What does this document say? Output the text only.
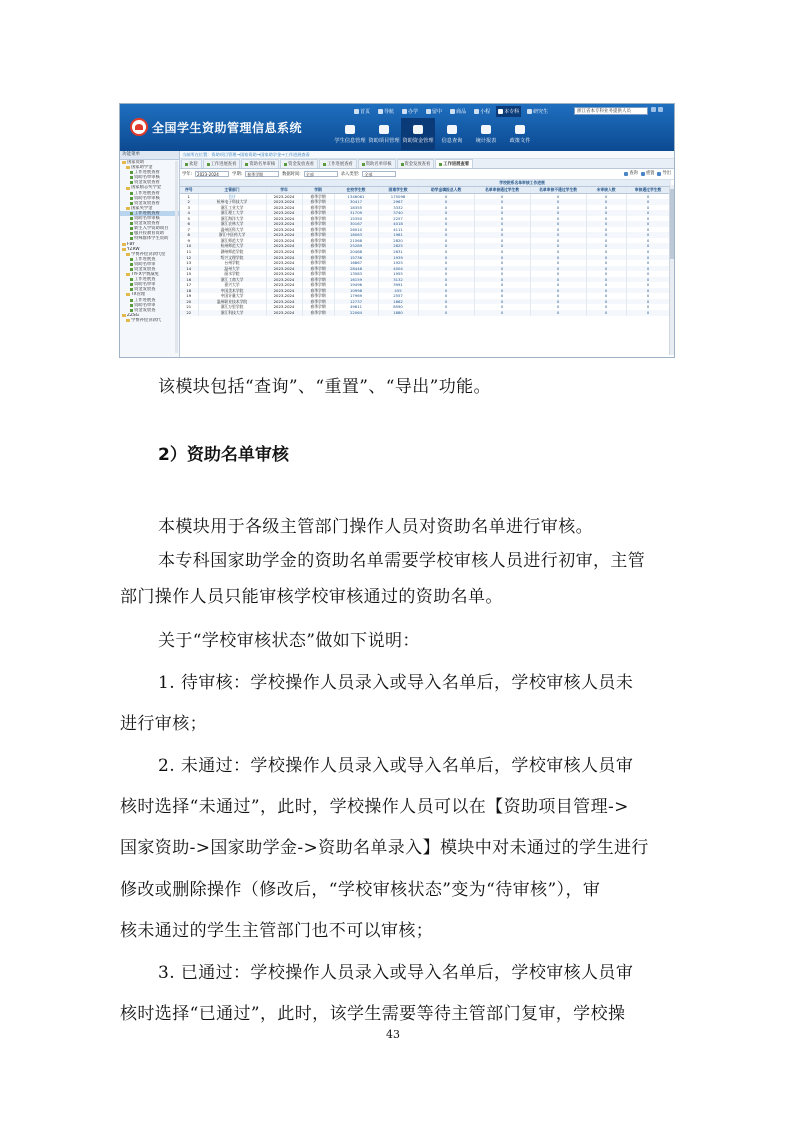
全国学生资助管理信息系统
首页	导航	办学	留中	商品	小程	本专科	研究生	浙江省本专科业务提供人员
学生信息管理 资助项目管理 资助资金管理 信息查询	统计报表	政策文件
功能菜单
国家资助
国家助学金
工作进展查看
资助名单审核
资金发放查看
国家励志奖学金
工作进展查看
资助名单审核
资金发放查看
国家奖学金
工作进展查看
资助名单审核
资金发放查看
新生入学资助项目
服兵役教育资助
特殊群体学生资助
FBY
YZRW
学费补偿贷款代偿
工作进展查
资助名单审
资金发放查
TYFX学费减免
工作进展查
资助名单审
资金发放查
TX管理
工作进展查
资助名单审
资金发放查
ZZSG
学费补偿贷款代
当前所在位置：资助项目管理→国家资助→国家助学金→工作进展查看
欢迎	工作进展查看	资助名单审核	资金发放查看	工作进展查看	资助名单审核	资金发放查看	工作进展查看
学年:	2023-2024	学期:	春季学期	数据时间:	全部	录入类型:	全部	查询 重置 导出
						学校院系名单审核工作进展				
序号	主管部门	学年	学期	在校学生数	困难学生数	助学金填报总人数	名单审核通过学生数	名单审核不通过学生数	未审核人数	审核通过学生数
1	合计	2023-2024	春季学期	1346061	175098	0	0	0	0	0
2	杭州电子科技大学	2023-2024	春季学期	30417	2967	0	0	0	0	0
3	浙江工业大学	2023-2024	春季学期	18355	3332	0	0	0	0	0
4	浙江理工大学	2023-2024	春季学期	31709	3740	0	0	0	0	0
5	浙江海洋大学	2023-2024	春季学期	15350	2257	0	0	0	0	0
6	浙江农林大学	2023-2024	春季学期	30167	4018	0	0	0	0	0
7	温州医科大学	2023-2024	春季学期	26010	4111	0	0	0	0	0
8	浙江中医药大学	2023-2024	春季学期	18063	1981	0	0	0	0	0
9	浙江师范大学	2023-2024	春季学期	21568	2820	0	0	0	0	0
10	杭州师范大学	2023-2024	春季学期	25289	2825	0	0	0	0	0
11	湖州师范学院	2023-2024	春季学期	20468	2631	0	0	0	0	0
12	绍兴文理学院	2023-2024	春季学期	15736	1939	0	0	0	0	0
13	台州学院	2023-2024	春季学期	16867	1925	0	0	0	0	0
14	温州大学	2023-2024	春季学期	28448	4004	0	0	0	0	0
15	丽水学院	2023-2024	春季学期	13583	1955	0	0	0	0	0
16	浙江工商大学	2023-2024	春季学期	16159	3132	0	0	0	0	0
17	嘉兴大学	2023-2024	春季学期	19496	3991	0	0	0	0	0
18	中国美术学院	2023-2024	春季学期	10998	455	0	0	0	0	0
19	中国计量大学	2023-2024	春季学期	17969	2557	0	0	0	0	0
20	温州职业技术学院	2023-2024	春季学期	12737	1862	0	0	0	0	0
21	浙江万里学院	2023-2024	春季学期	49611	8590	0	0	0	0	0
22	浙江科技大学	2023-2024	春季学期	22064	1880	0	0	0	0	0
该模块包括“查询”、“重置”、“导出”功能。
2）资助名单审核
本模块用于各级主管部门操作人员对资助名单进行审核。
本专科国家助学金的资助名单需要学校审核人员进行初审，主管
部门操作人员只能审核学校审核通过的资助名单。
关于“学校审核状态”做如下说明：
1. 待审核：学校操作人员录入或导入名单后，学校审核人员未
进行审核；
2. 未通过：学校操作人员录入或导入名单后，学校审核人员审
核时选择“未通过”，此时，学校操作人员可以在【资助项目管理->
国家资助->国家助学金->资助名单录入】模块中对未通过的学生进行
修改或删除操作（修改后，“学校审核状态”变为“待审核”），审
核未通过的学生主管部门也不可以审核；
3. 已通过：学校操作人员录入或导入名单后，学校审核人员审
核时选择“已通过”，此时，该学生需要等待主管部门复审，学校操
43
